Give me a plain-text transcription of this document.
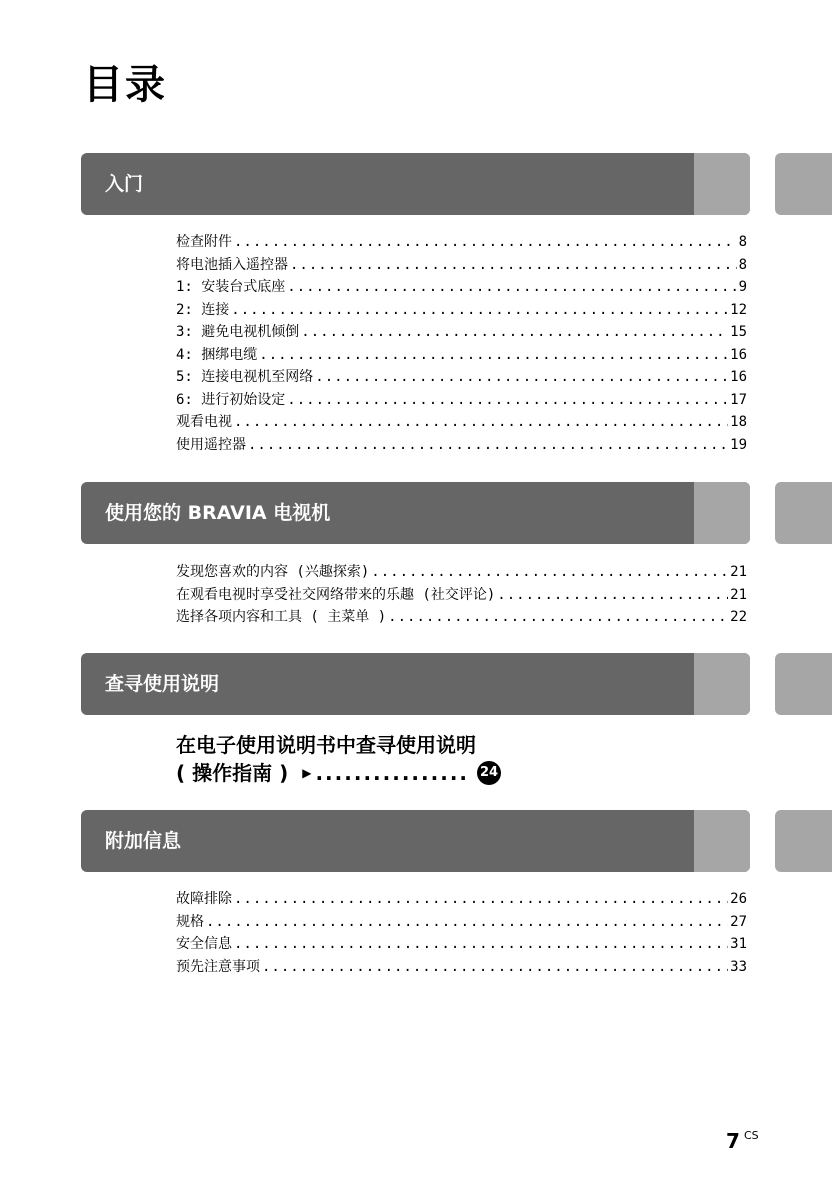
目录
入门
检查附件 .....	8
将电池插入遥控器 .....	8
1: 安装台式底座 .....	9
2: 连接 .....	12
3: 避免电视机倾倒 .....	15
4: 捆绑电缆 .....	16
5: 连接电视机至网络 .....	16
6: 进行初始设定 .....	17
观看电视 .....	18
使用遥控器 .....	19
使用您的 BRAVIA 电视机
发现您喜欢的内容 (兴趣探索) .....	21
在观看电视时享受社交网络带来的乐趣 (社交评论) .....	21
选择各项内容和工具 ( 主菜单 ) .....	22
查寻使用说明
在电子使用说明书中查寻使用说明
( 操作指南 ) ▶ ................ 24
附加信息
故障排除 .....	26
规格 .....	27
安全信息 .....	31
预先注意事项 .....	33
7 CS
